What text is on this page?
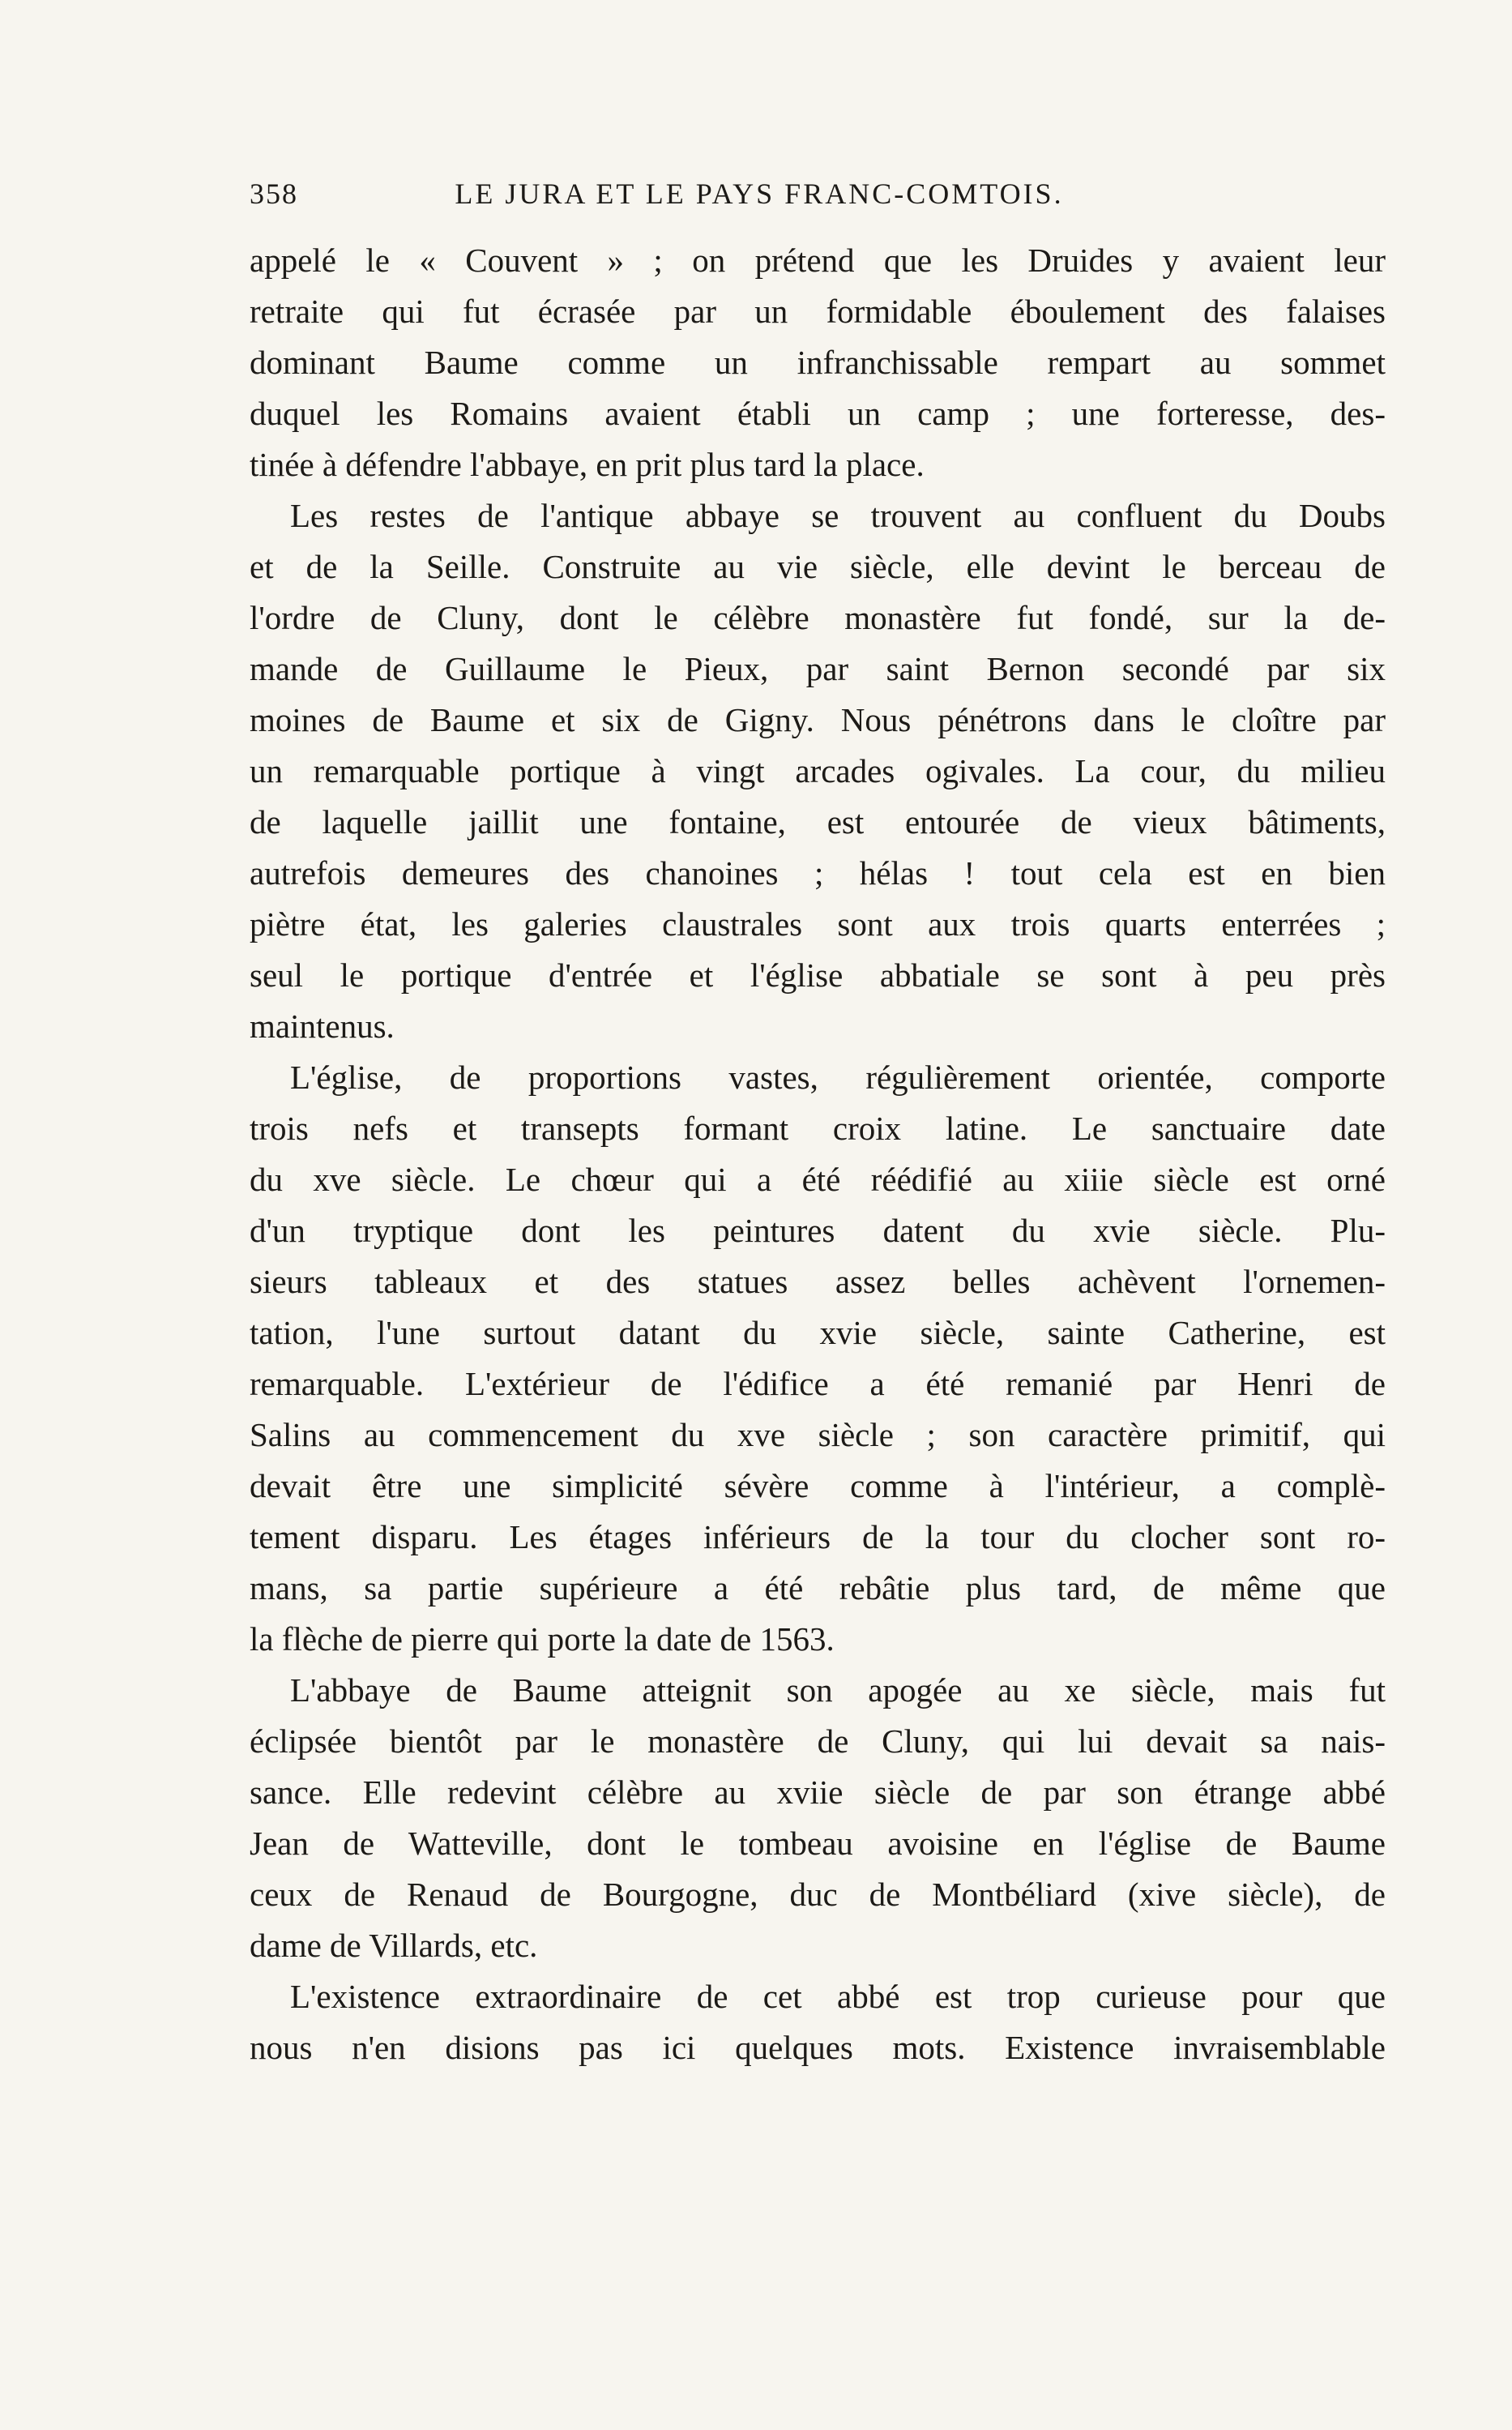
358	LE JURA ET LE PAYS FRANC-COMTOIS.
appelé le « Couvent » ; on prétend que les Druides y avaient leur
retraite qui fut écrasée par un formidable éboulement des falaises
dominant Baume comme un infranchissable rempart au sommet
duquel les Romains avaient établi un camp ; une forteresse, des-
tinée à défendre l'abbaye, en prit plus tard la place.
Les restes de l'antique abbaye se trouvent au confluent du Doubs
et de la Seille. Construite au vie siècle, elle devint le berceau de
l'ordre de Cluny, dont le célèbre monastère fut fondé, sur la de-
mande de Guillaume le Pieux, par saint Bernon secondé par six
moines de Baume et six de Gigny. Nous pénétrons dans le cloître par
un remarquable portique à vingt arcades ogivales. La cour, du milieu
de laquelle jaillit une fontaine, est entourée de vieux bâtiments,
autrefois demeures des chanoines ; hélas ! tout cela est en bien
piètre état, les galeries claustrales sont aux trois quarts enterrées ;
seul le portique d'entrée et l'église abbatiale se sont à peu près
maintenus.
L'église, de proportions vastes, régulièrement orientée, comporte
trois nefs et transepts formant croix latine. Le sanctuaire date
du xve siècle. Le chœur qui a été réédifié au xiiie siècle est orné
d'un tryptique dont les peintures datent du xvie siècle. Plu-
sieurs tableaux et des statues assez belles achèvent l'ornemen-
tation, l'une surtout datant du xvie siècle, sainte Catherine, est
remarquable. L'extérieur de l'édifice a été remanié par Henri de
Salins au commencement du xve siècle ; son caractère primitif, qui
devait être une simplicité sévère comme à l'intérieur, a complè-
tement disparu. Les étages inférieurs de la tour du clocher sont ro-
mans, sa partie supérieure a été rebâtie plus tard, de même que
la flèche de pierre qui porte la date de 1563.
L'abbaye de Baume atteignit son apogée au xe siècle, mais fut
éclipsée bientôt par le monastère de Cluny, qui lui devait sa nais-
sance. Elle redevint célèbre au xviie siècle de par son étrange abbé
Jean de Watteville, dont le tombeau avoisine en l'église de Baume
ceux de Renaud de Bourgogne, duc de Montbéliard (xive siècle), de
dame de Villards, etc.
L'existence extraordinaire de cet abbé est trop curieuse pour que
nous n'en disions pas ici quelques mots. Existence invraisemblable
